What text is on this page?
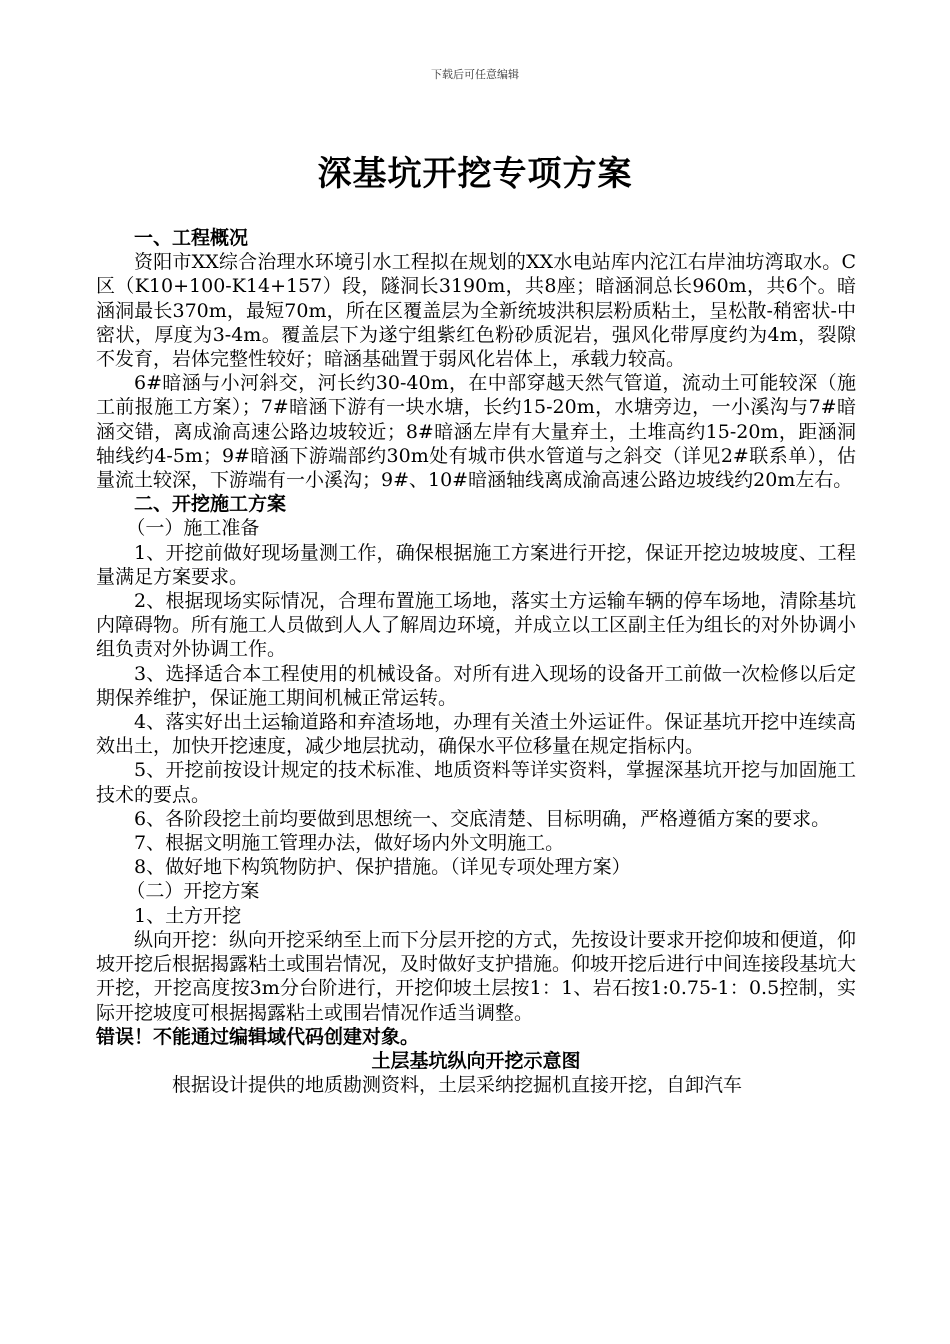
下载后可任意编辑
深基坑开挖专项方案

一、工程概况

资阳市XX综合治理水环境引水工程拟在规划的XX水电站库内沱江右岸油坊湾取水。C区（K10+100-K14+157）段，隧洞长3190m，共8座；暗涵洞总长960m，共6个。暗涵洞最长370m，最短70m，所在区覆盖层为全新统坡洪积层粉质粘土，呈松散-稍密状-中密状，厚度为3-4m。覆盖层下为遂宁组紫红色粉砂质泥岩，强风化带厚度约为4m，裂隙不发育，岩体完整性较好；暗涵基础置于弱风化岩体上，承载力较高。

6#暗涵与小河斜交，河长约30-40m，在中部穿越天然气管道，流动土可能较深（施工前报施工方案）；7#暗涵下游有一块水塘，长约15-20m，水塘旁边，一小溪沟与7#暗涵交错，离成渝高速公路边坡较近；8#暗涵左岸有大量弃土，土堆高约15-20m，距涵洞轴线约4-5m；9#暗涵下游端部约30m处有城市供水管道与之斜交（详见2#联系单），估量流土较深，下游端有一小溪沟；9#、10#暗涵轴线离成渝高速公路边坡线约20m左右。

二、开挖施工方案

（一）施工准备

1、开挖前做好现场量测工作，确保根据施工方案进行开挖，保证开挖边坡坡度、工程量满足方案要求。

2、根据现场实际情况，合理布置施工场地，落实土方运输车辆的停车场地，清除基坑内障碍物。所有施工人员做到人人了解周边环境，并成立以工区副主任为组长的对外协调小组负责对外协调工作。

3、选择适合本工程使用的机械设备。对所有进入现场的设备开工前做一次检修以后定期保养维护，保证施工期间机械正常运转。

4、落实好出土运输道路和弃渣场地，办理有关渣土外运证件。保证基坑开挖中连续高效出土，加快开挖速度，减少地层扰动，确保水平位移量在规定指标内。

5、开挖前按设计规定的技术标准、地质资料等详实资料，掌握深基坑开挖与加固施工技术的要点。

6、各阶段挖土前均要做到思想统一、交底清楚、目标明确，严格遵循方案的要求。

7、根据文明施工管理办法，做好场内外文明施工。

8、做好地下构筑物防护、保护措施。（详见专项处理方案）

（二）开挖方案

1、土方开挖

纵向开挖：纵向开挖采纳至上而下分层开挖的方式，先按设计要求开挖仰坡和便道，仰坡开挖后根据揭露粘土或围岩情况，及时做好支护措施。仰坡开挖后进行中间连接段基坑大开挖，开挖高度按3m分台阶进行，开挖仰坡土层按1：1、岩石按1:0.75-1：0.5控制，实际开挖坡度可根据揭露粘土或围岩情况作适当调整。

错误！不能通过编辑域代码创建对象。

土层基坑纵向开挖示意图

根据设计提供的地质勘测资料，土层采纳挖掘机直接开挖，自卸汽车
